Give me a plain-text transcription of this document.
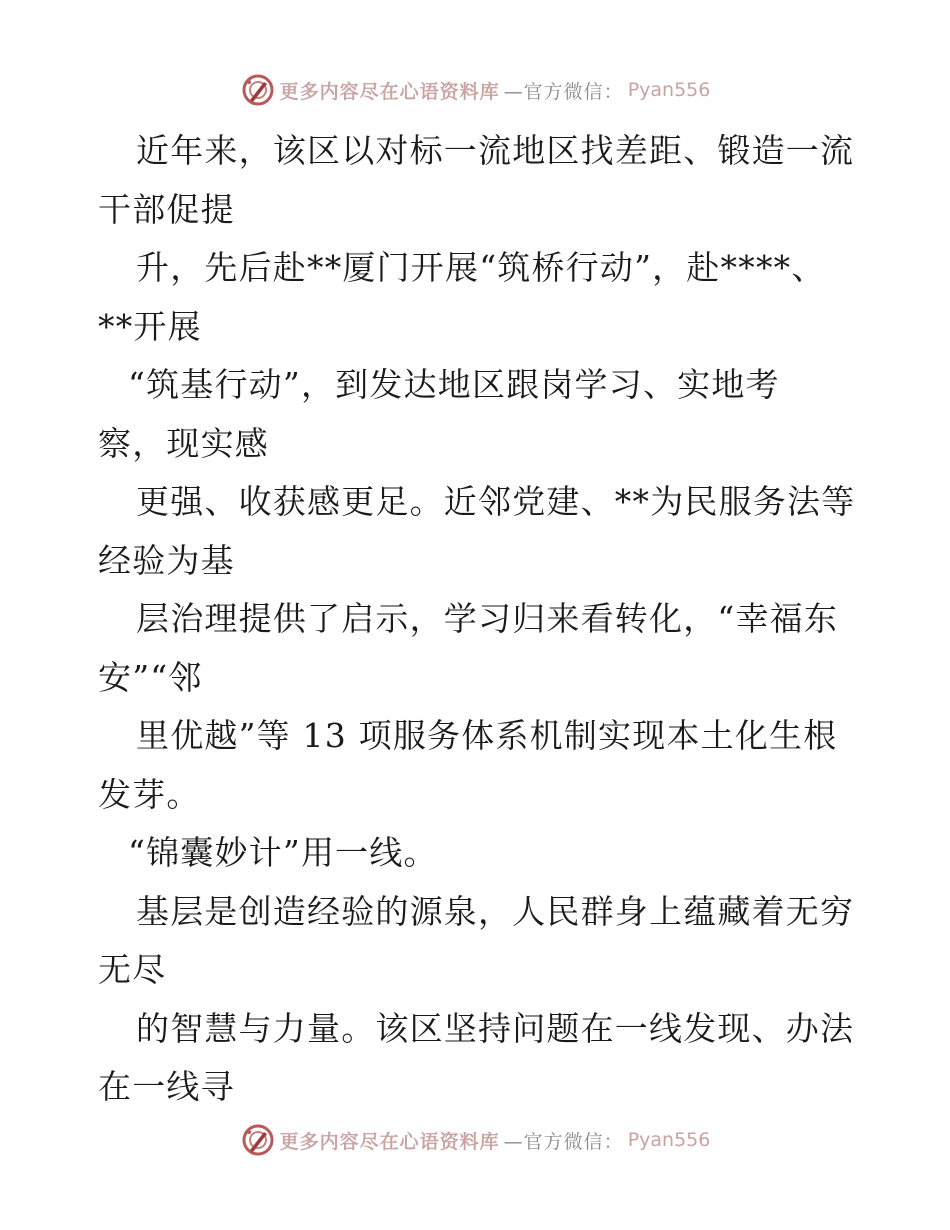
更多内容尽在心语资料库 —官方微信： Pyan556
近年来，该区以对标一流地区找差距、锻造一流
干部促提
升，先后赴**厦门开展“筑桥行动”，赴****、
**开展
“筑基行动”，到发达地区跟岗学习、实地考
察，现实感
更强、收获感更足。近邻党建、**为民服务法等
经验为基
层治理提供了启示，学习归来看转化，“幸福东
安”“邻
里优越”等 13 项服务体系机制实现本土化生根
发芽。
“锦囊妙计”用一线。
基层是创造经验的源泉，人民群身上蕴藏着无穷
无尽
的智慧与力量。该区坚持问题在一线发现、办法
在一线寻
更多内容尽在心语资料库 —官方微信： Pyan556
